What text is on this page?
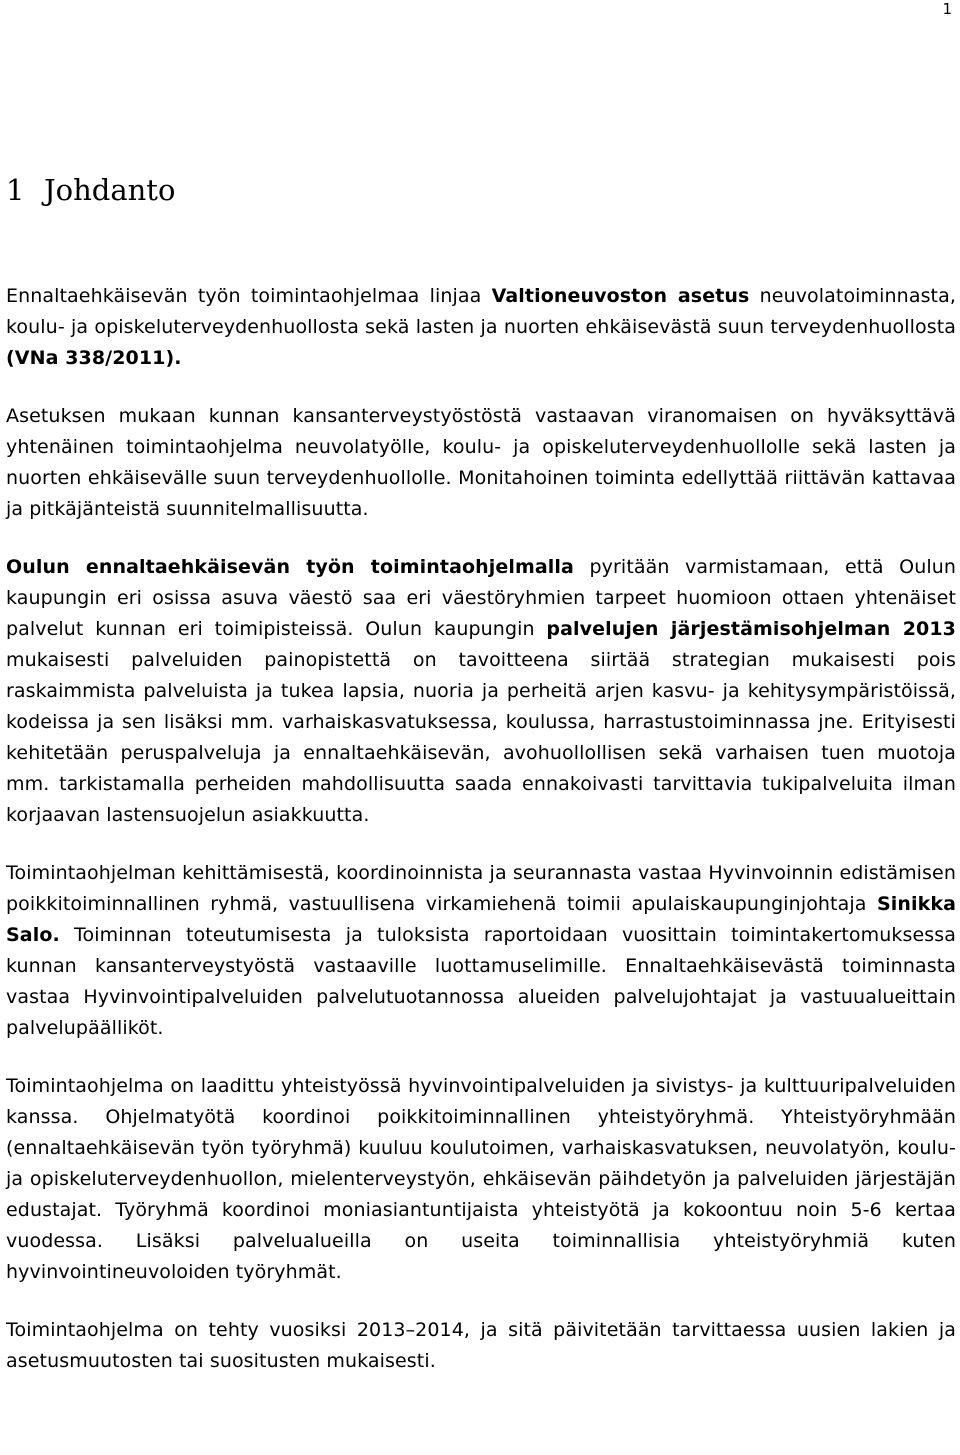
1
1 Johdanto

Ennaltaehkäisevän työn toimintaohjelmaa linjaa Valtioneuvoston asetus neuvolatoiminnasta, koulu- ja opiskeluterveydenhuollosta sekä lasten ja nuorten ehkäisevästä suun terveydenhuollosta (VNa 338/2011).

Asetuksen mukaan kunnan kansanterveystyöstöstä vastaavan viranomaisen on hyväksyttävä yhtenäinen toimintaohjelma neuvolatyölle, koulu- ja opiskeluterveydenhuollolle sekä lasten ja nuorten ehkäisevälle suun terveydenhuollolle. Monitahoinen toiminta edellyttää riittävän kattavaa ja pitkäjänteistä suunnitelmallisuutta.

Oulun ennaltaehkäisevän työn toimintaohjelmalla pyritään varmistamaan, että Oulun kaupungin eri osissa asuva väestö saa eri väestöryhmien tarpeet huomioon ottaen yhtenäiset palvelut kunnan eri toimipisteissä. Oulun kaupungin palvelujen järjestämisohjelman 2013 mukaisesti palveluiden painopistettä on tavoitteena siirtää strategian mukaisesti pois raskaimmista palveluista ja tukea lapsia, nuoria ja perheitä arjen kasvu- ja kehitysympäristöissä, kodeissa ja sen lisäksi mm. varhaiskasvatuksessa, koulussa, harrastustoiminnassa jne. Erityisesti kehitetään peruspalveluja ja ennaltaehkäisevän, avohuollollisen sekä varhaisen tuen muotoja mm. tarkistamalla perheiden mahdollisuutta saada ennakoivasti tarvittavia tukipalveluita ilman korjaavan lastensuojelun asiakkuutta.

Toimintaohjelman kehittämisestä, koordinoinnista ja seurannasta vastaa Hyvinvoinnin edistämisen poikkitoiminnallinen ryhmä, vastuullisena virkamiehenä toimii apulaiskaupunginjohtaja Sinikka Salo. Toiminnan toteutumisesta ja tuloksista raportoidaan vuosittain toimintakertomuksessa kunnan kansanterveystyöstä vastaaville luottamuselimille. Ennaltaehkäisevästä toiminnasta vastaa Hyvinvointipalveluiden palvelutuotannossa alueiden palvelujohtajat ja vastuualueittain palvelupäälliköt.

Toimintaohjelma on laadittu yhteistyössä hyvinvointipalveluiden ja sivistys- ja kulttuuripalveluiden kanssa. Ohjelmatyötä koordinoi poikkitoiminnallinen yhteistyöryhmä. Yhteistyöryhmään (ennaltaehkäisevän työn työryhmä) kuuluu koulutoimen, varhaiskasvatuksen, neuvolatyön, koulu- ja opiskeluterveydenhuollon, mielenterveystyön, ehkäisevän päihdetyön ja palveluiden järjestäjän edustajat. Työryhmä koordinoi moniasiantuntijaista yhteistyötä ja kokoontuu noin 5-6 kertaa vuodessa. Lisäksi palvelualueilla on useita toiminnallisia yhteistyöryhmiä kuten hyvinvointineuvoloiden työryhmät.

Toimintaohjelma on tehty vuosiksi 2013–2014, ja sitä päivitetään tarvittaessa uusien lakien ja asetusmuutosten tai suositusten mukaisesti.
